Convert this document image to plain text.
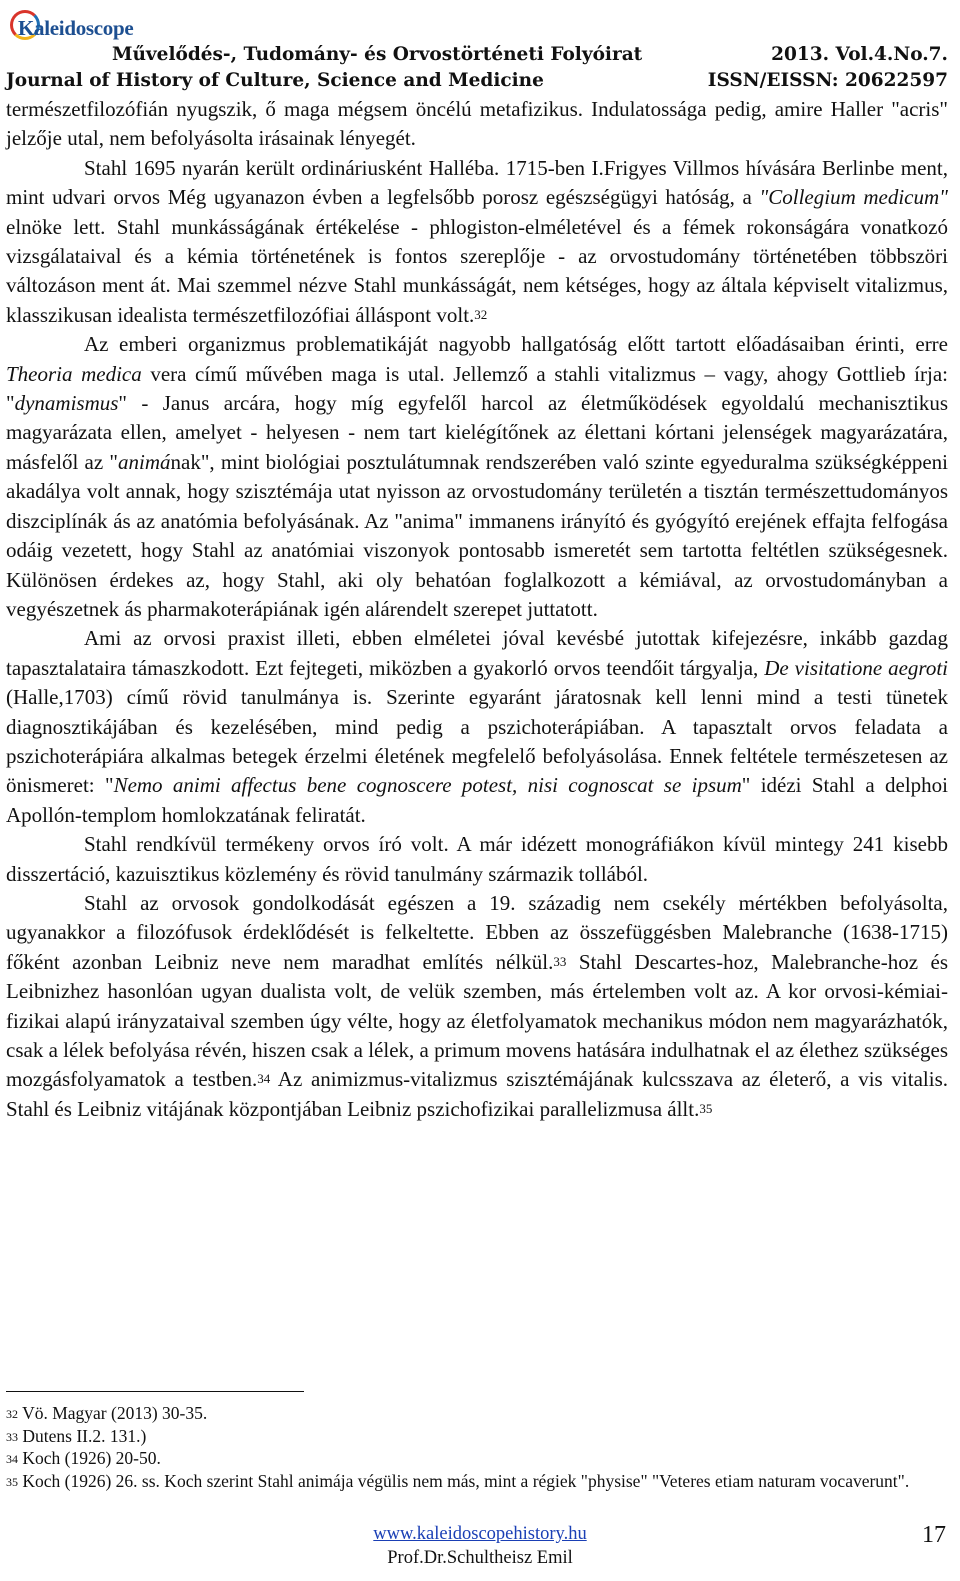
Kaleidoscope
Művelődés-, Tudomány- és Orvostörténeti Folyóirat	2013. Vol.4.No.7.
Journal of History of Culture, Science and Medicine	ISSN/EISSN: 20622597

természetfilozófián nyugszik, ő maga mégsem öncélú metafizikus. Indulatossága pedig, amire Haller "acris" jelzője utal, nem befolyásolta irásainak lényegét.

Stahl 1695 nyarán került ordináriusként Halléba. 1715-ben I.Frigyes Villmos hívására Berlinbe ment, mint udvari orvos Még ugyanazon évben a legfelsőbb porosz egészségügyi hatóság, a "Collegium medicum" elnöke lett. Stahl munkásságának értékelése - phlogiston-elméletével és a fémek rokonságára vonatkozó vizsgálataival és a kémia történetének is fontos szereplője - az orvostudomány történetében többszöri változáson ment át. Mai szemmel nézve Stahl munkásságát, nem kétséges, hogy az általa képviselt vitalizmus, klasszikusan idealista természetfilozófiai álláspont volt.$^{32}$

Az emberi organizmus problematikáját nagyobb hallgatóság előtt tartott előadásaiban érinti, erre Theoria medica vera című művében maga is utal. Jellemző a stahli vitalizmus – vagy, ahogy Gottlieb írja: "dynamismus" - Janus arcára, hogy míg egyfelől harcol az életműködések egyoldalú mechanisztikus magyarázata ellen, amelyet - helyesen - nem tart kielégítőnek az élettani kórtani jelenségek magyarázatára, másfelől az "animának", mint biológiai posztulátumnak rendszerében való szinte egyeduralma szükségképpeni akadálya volt annak, hogy szisztémája utat nyisson az orvostudomány területén a tisztán természettudományos diszciplínák ás az anatómia befolyásának. Az "anima" immanens irányító és gyógyító erejének effajta felfogása odáig vezetett, hogy Stahl az anatómiai viszonyok pontosabb ismeretét sem tartotta feltétlen szükségesnek. Különösen érdekes az, hogy Stahl, aki oly behatóan foglalkozott a kémiával, az orvostudományban a vegyészetnek ás pharmakoterápiának igén alárendelt szerepet juttatott.

Ami az orvosi praxist illeti, ebben elméletei jóval kevésbé jutottak kifejezésre, inkább gazdag tapasztalataira támaszkodott. Ezt fejtegeti, miközben a gyakorló orvos teendőit tárgyalja, De visitatione aegroti (Halle,1703) című rövid tanulmánya is. Szerinte egyaránt járatosnak kell lenni mind a testi tünetek diagnosztikájában és kezelésében, mind pedig a pszichoterápiában. A tapasztalt orvos feladata a pszichoterápiára alkalmas betegek érzelmi életének megfelelő befolyásolása. Ennek feltétele természetesen az önismeret: "Nemo animi affectus bene cognoscere potest, nisi cognoscat se ipsum" idézi Stahl a delphoi Apollón-templom homlokzatának feliratát.

Stahl rendkívül termékeny orvos író volt. A már idézett monográfiákon kívül mintegy 241 kisebb disszertáció, kazuisztikus közlemény és rövid tanulmány származik tollából.

Stahl az orvosok gondolkodását egészen a 19. századig nem csekély mértékben befolyásolta, ugyanakkor a filozófusok érdeklődését is felkeltette. Ebben az összefüggésben Malebranche (1638-1715) főként azonban Leibniz neve nem maradhat említés nélkül.$^{33}$ Stahl Descartes-hoz, Malebranche-hoz és Leibnizhez hasonlóan ugyan dualista volt, de velük szemben, más értelemben volt az. A kor orvosi-kémiai-fizikai alapú irányzataival szemben úgy vélte, hogy az életfolyamatok mechanikus módon nem magyarázhatók, csak a lélek befolyása révén, hiszen csak a lélek, a primum movens hatására indulhatnak el az élethez szükséges mozgásfolyamatok a testben.$^{34}$ Az animizmus-vitalizmus szisztémájának kulcsszava az életerő, a vis vitalis. Stahl és Leibniz vitájának központjában Leibniz pszichofizikai parallelizmusa állt.$^{35}$

$^{32}$ Vö. Magyar (2013) 30-35.

$^{33}$ Dutens II.2. 131.)

$^{34}$ Koch (1926) 20-50.

$^{35}$ Koch (1926) 26. ss. Koch szerint Stahl animája végülis nem más, mint a régiek "physise" "Veteres etiam naturam vocaverunt".

www.kaleidoscopehistory.hu
Prof.Dr.Schultheisz Emil
17
